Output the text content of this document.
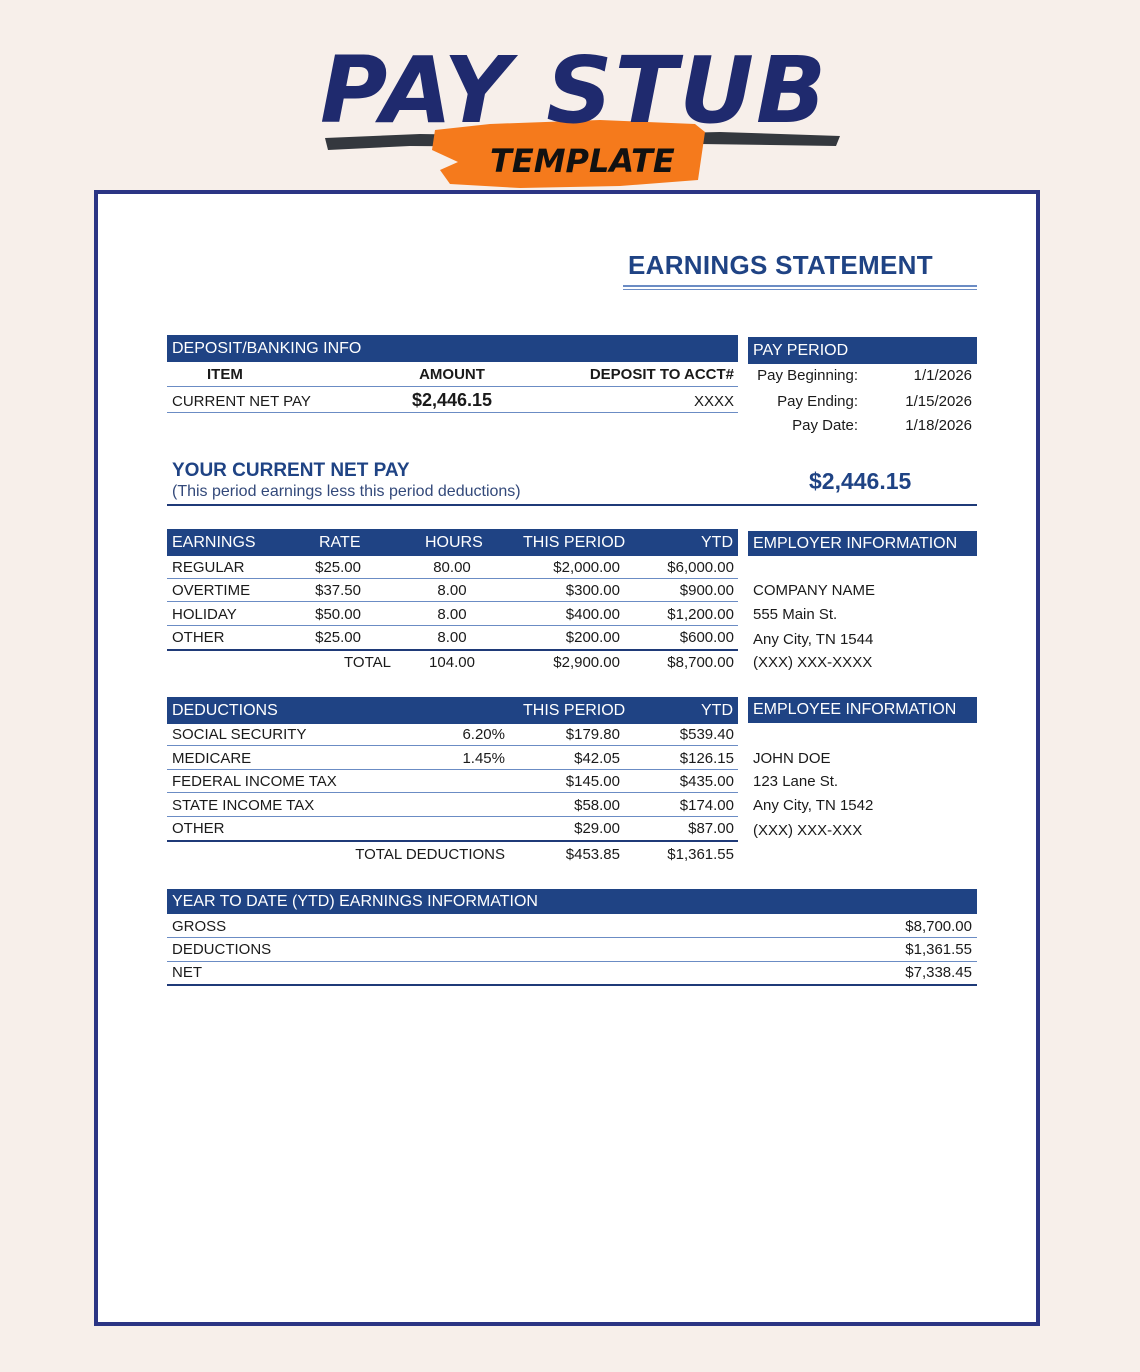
PAY STUB
TEMPLATE
EARNINGS STATEMENT
DEPOSIT/BANKING INFO
ITEM	AMOUNT	DEPOSIT TO ACCT#
CURRENT NET PAY	$2,446.15	XXXX
PAY PERIOD
Pay Beginning:	1/1/2026
Pay Ending:	1/15/2026
Pay Date:	1/18/2026
YOUR CURRENT NET PAY
(This period earnings less this period deductions)	$2,446.15
EARNINGS	RATE	HOURS	THIS PERIOD	YTD
REGULAR	$25.00	80.00	$2,000.00	$6,000.00
OVERTIME	$37.50	8.00	$300.00	$900.00
HOLIDAY	$50.00	8.00	$400.00	$1,200.00
OTHER	$25.00	8.00	$200.00	$600.00
TOTAL	104.00	$2,900.00	$8,700.00
EMPLOYER INFORMATION
COMPANY NAME
555 Main St.
Any City, TN 1544
(XXX) XXX-XXXX
DEDUCTIONS	THIS PERIOD	YTD
SOCIAL SECURITY	6.20%	$179.80	$539.40
MEDICARE	1.45%	$42.05	$126.15
FEDERAL INCOME TAX	$145.00	$435.00
STATE INCOME TAX	$58.00	$174.00
OTHER	$29.00	$87.00
TOTAL DEDUCTIONS	$453.85	$1,361.55
EMPLOYEE INFORMATION
JOHN DOE
123 Lane St.
Any City, TN 1542
(XXX) XXX-XXX
YEAR TO DATE (YTD) EARNINGS INFORMATION
GROSS	$8,700.00
DEDUCTIONS	$1,361.55
NET	$7,338.45
